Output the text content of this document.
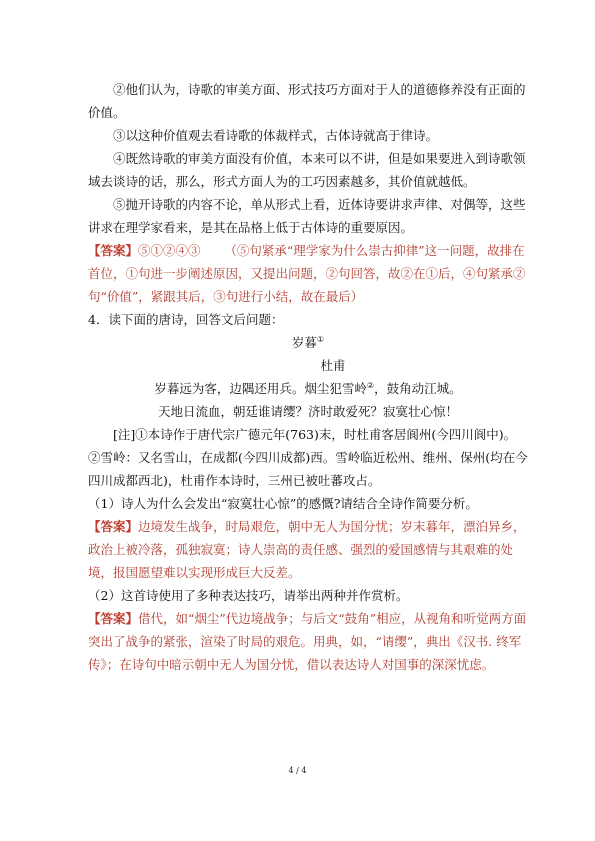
②他们认为，诗歌的审美方面、形式技巧方面对于人的道德修养没有正面的价值。

③以这种价值观去看诗歌的体裁样式，古体诗就高于律诗。

④既然诗歌的审美方面没有价值，本来可以不讲，但是如果要进入到诗歌领域去谈诗的话，那么，形式方面人为的工巧因素越多，其价值就越低。

⑤抛开诗歌的内容不论，单从形式上看，近体诗要讲求声律、对偶等，这些讲求在理学家看来，是其在品格上低于古体诗的重要原因。

【答案】⑤①②④③ （⑤句紧承“理学家为什么崇古抑律”这一问题，故排在首位，①句进一步阐述原因，又提出问题，②句回答，故②在①后，④句紧承②句“价值”，紧跟其后，③句进行小结，故在最后）

4．读下面的唐诗，回答文后问题：

岁暮①

杜甫

岁暮远为客，边隅还用兵。烟尘犯雪岭②，鼓角动江城。

天地日流血，朝廷谁请缨？济时敢爱死？寂寞壮心惊！

[注]①本诗作于唐代宗广德元年(763)末，时杜甫客居阆州(今四川阆中)。②雪岭：又名雪山，在成都(今四川成都)西。雪岭临近松州、维州、保州(均在今四川成都西北)，杜甫作本诗时，三州已被吐蕃攻占。

（1）诗人为什么会发出“寂寞壮心惊”的感慨?请结合全诗作简要分析。

【答案】边境发生战争，时局艰危，朝中无人为国分忧；岁末暮年，漂泊异乡，政治上被冷落，孤独寂寞；诗人崇高的责任感、强烈的爱国感情与其艰难的处境，报国愿望难以实现形成巨大反差。

（2）这首诗使用了多种表达技巧，请举出两种并作赏析。

【答案】借代，如“烟尘”代边境战争；与后文“鼓角”相应，从视角和听觉两方面突出了战争的紧张，渲染了时局的艰危。用典，如，“请缨”，典出《汉书. 终军传》；在诗句中暗示朝中无人为国分忧，借以表达诗人对国事的深深忧虑。

4 / 4
